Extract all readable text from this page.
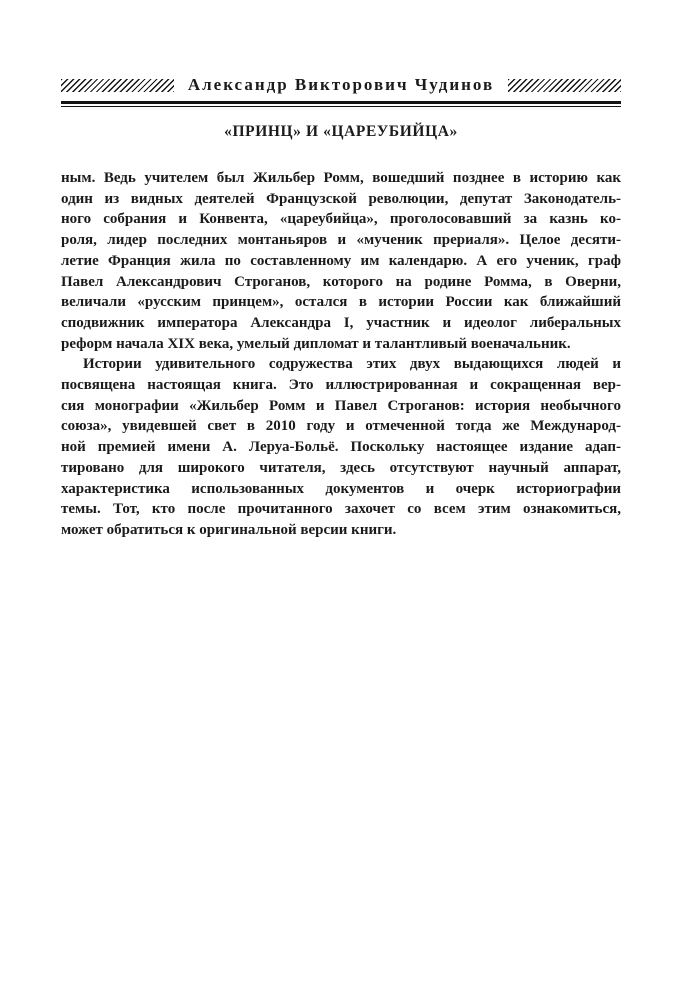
Александр Викторович Чудинов
«ПРИНЦ» И «ЦАРЕУБИЙЦА»
ным. Ведь учителем был Жильбер Ромм, вошедший позднее в историю как
один из видных деятелей Французской революции, депутат Законодатель-
ного собрания и Конвента, «цареубийца», проголосовавший за казнь ко-
роля, лидер последних монтаньяров и «мученик прериаля». Целое десяти-
летие Франция жила по составленному им календарю. А его ученик, граф
Павел Александрович Строганов, которого на родине Ромма, в Оверни,
величали «русским принцем», остался в истории России как ближайший
сподвижник императора Александра I, участник и идеолог либеральных
реформ начала XIX века, умелый дипломат и талантливый военачальник.
Истории удивительного содружества этих двух выдающихся людей и
посвящена настоящая книга. Это иллюстрированная и сокращенная вер-
сия монографии «Жильбер Ромм и Павел Строганов: история необычного
союза», увидевшей свет в 2010 году и отмеченной тогда же Международ-
ной премией имени А. Леруа-Больё. Поскольку настоящее издание адап-
тировано для широкого читателя, здесь отсутствуют научный аппарат,
характеристика использованных документов и очерк историографии
темы. Тот, кто после прочитанного захочет со всем этим ознакомиться,
может обратиться к оригинальной версии книги.
